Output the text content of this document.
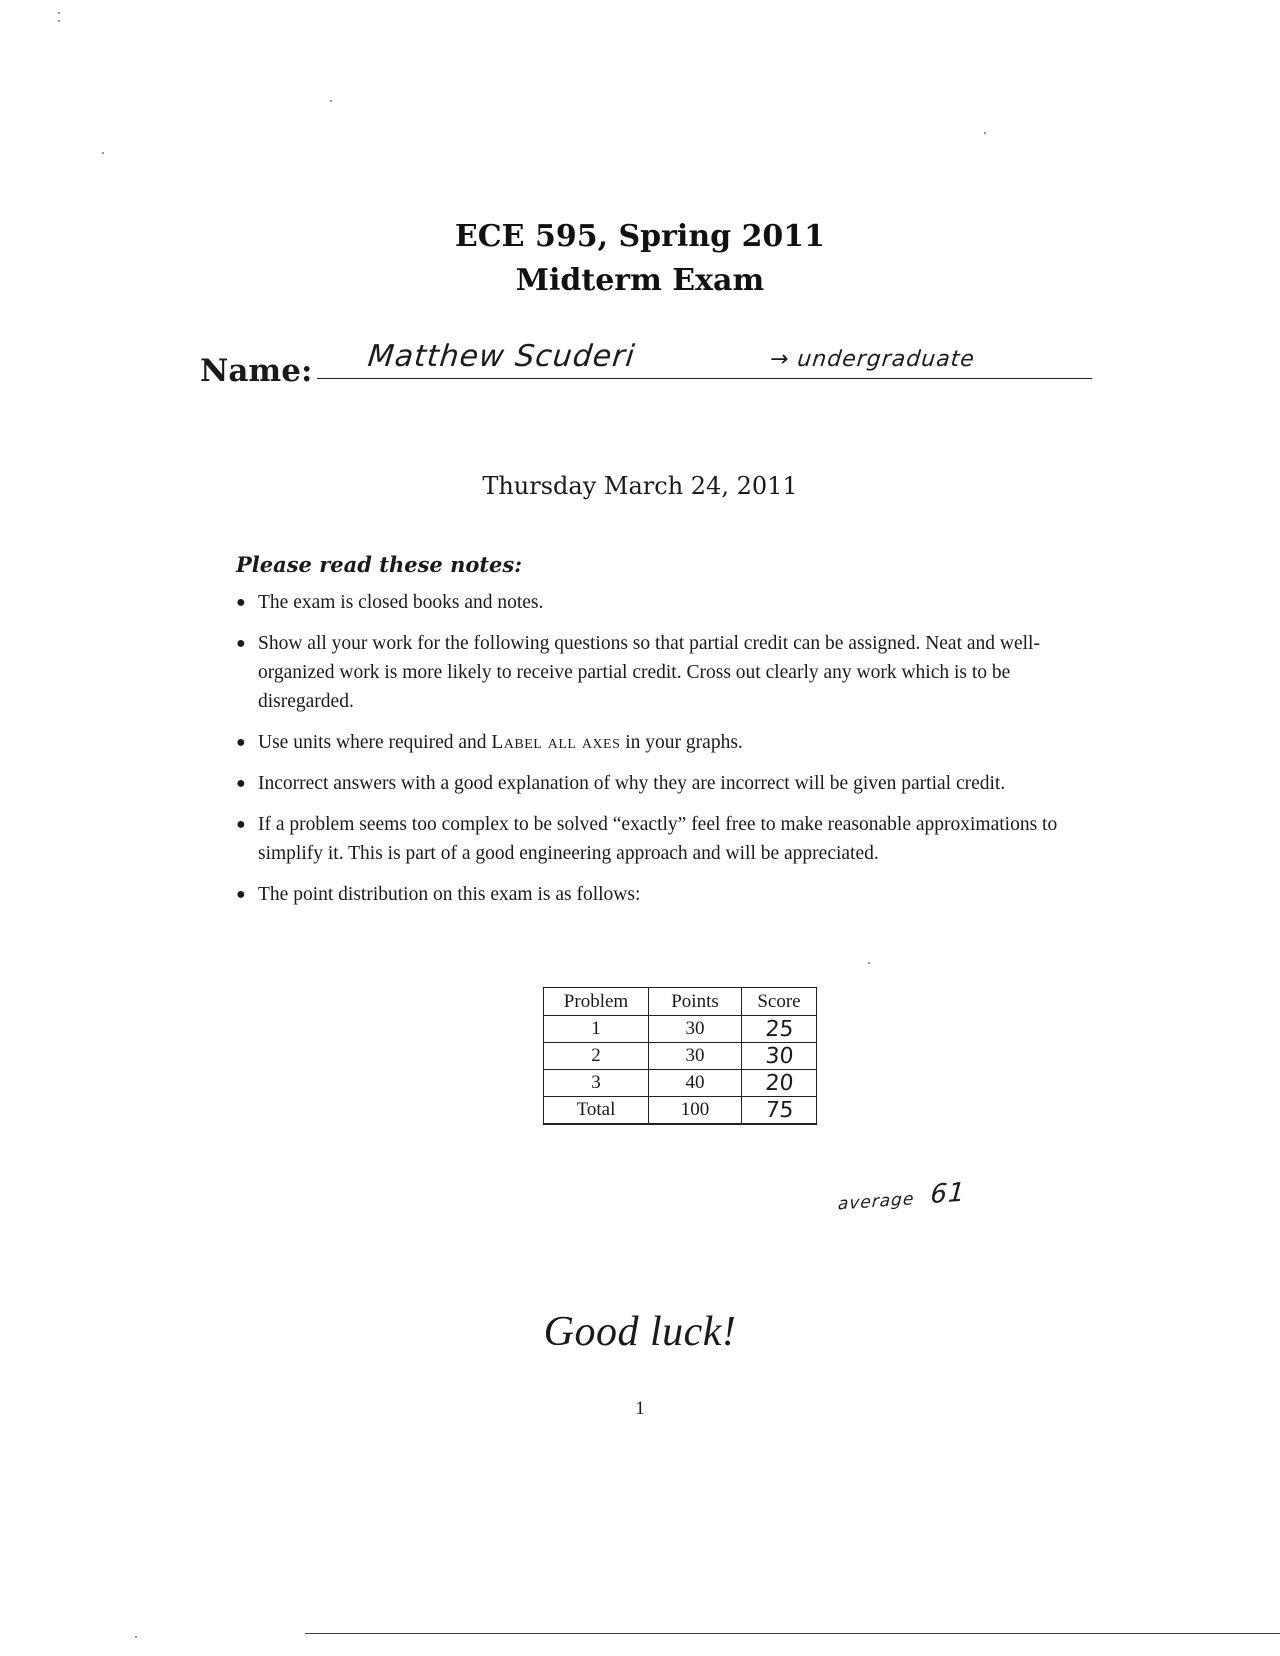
ECE 595, Spring 2011
Midterm Exam
Name: Matthew Scuderi	→ undergraduate
Thursday March 24, 2011
Please read these notes:
● The exam is closed books and notes.
● Show all your work for the following questions so that partial credit can be assigned. Neat and well-organized work is more likely to receive partial credit. Cross out clearly any work which is to be disregarded.
● Use units where required and Label all axes in your graphs.
● Incorrect answers with a good explanation of why they are incorrect will be given partial credit.
● If a problem seems too complex to be solved “exactly” feel free to make reasonable approximations to simplify it. This is part of a good engineering approach and will be appreciated.
● The point distribution on this exam is as follows:
Problem	Points	Score
1	30	25
2	30	30
3	40	20
Total	100	75
average 61
Good luck!
1
